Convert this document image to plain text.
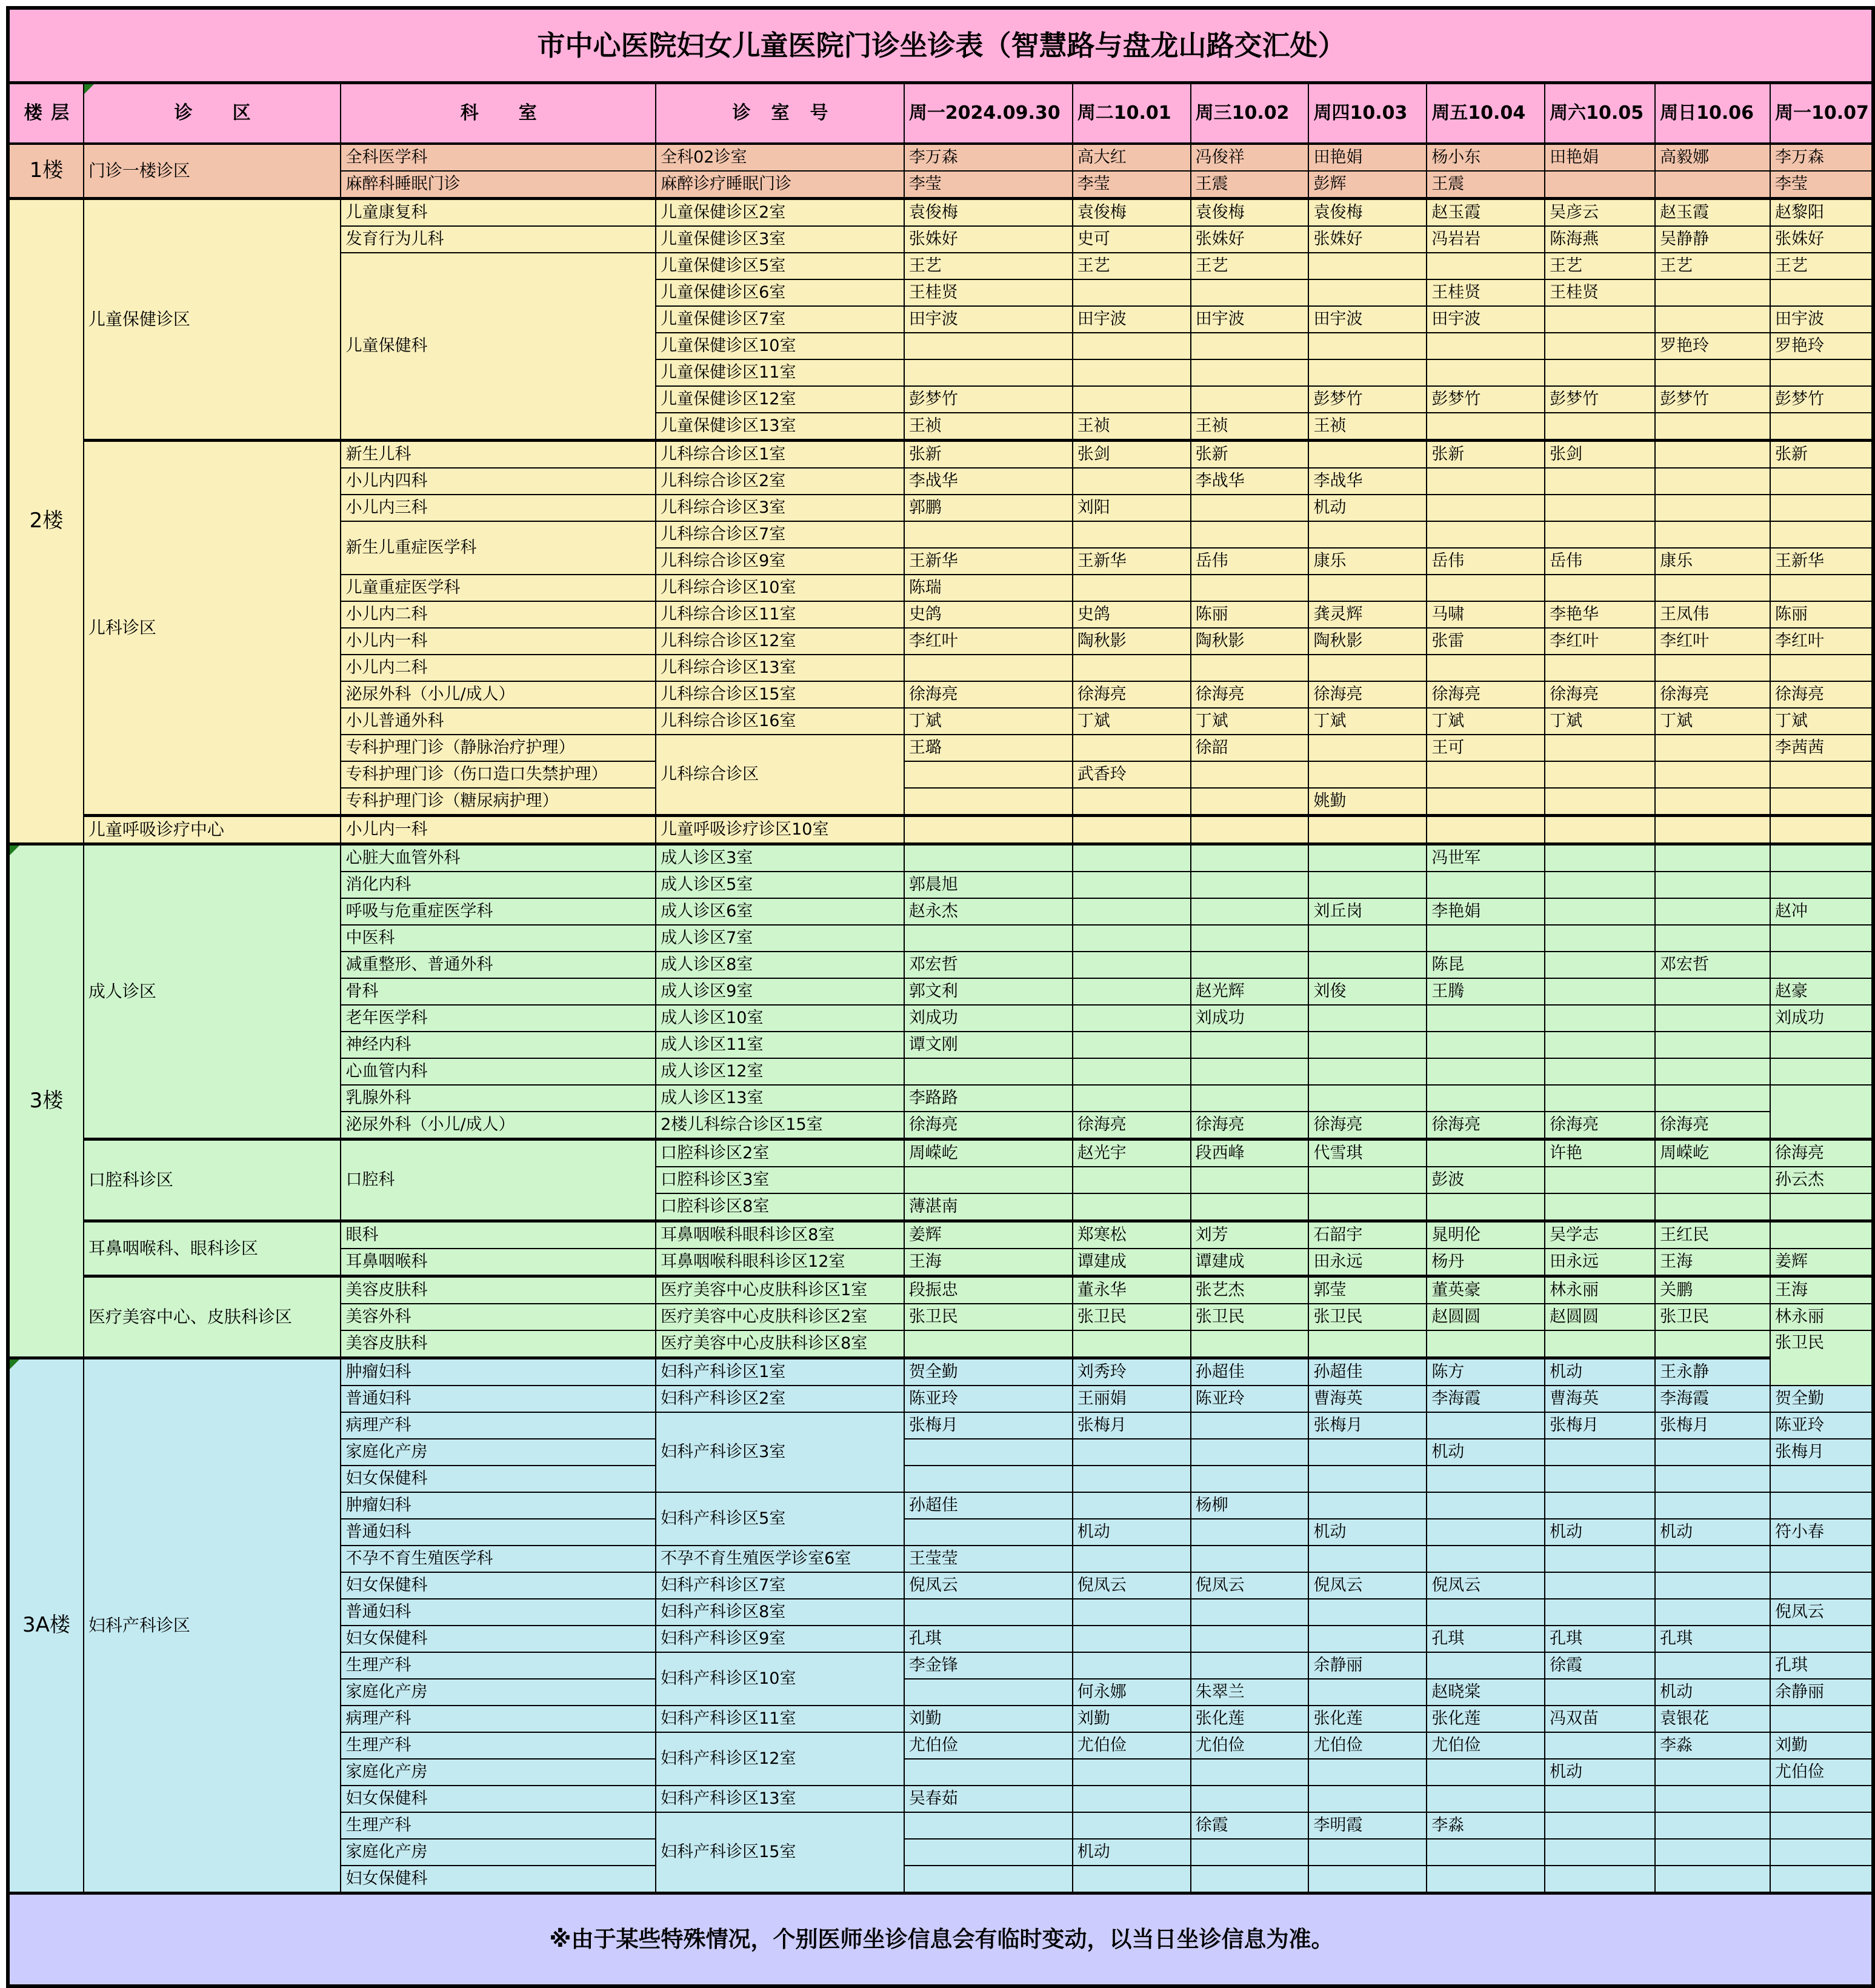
市中心医院妇女儿童医院门诊坐诊表（智慧路与盘龙山路交汇处）											
楼 层	诊　　区	科　　室	诊　室　号	周一2024.09.30	周二10.01	周三10.02	周四10.03	周五10.04	周六10.05	周日10.06	周一10.07
1楼	门诊一楼诊区	全科医学科	全科02诊室	李万森	高大红	冯俊祥	田艳娟	杨小东	田艳娟	高毅娜	李万森
		麻醉科睡眠门诊	麻醉诊疗睡眠门诊	李莹	李莹	王震	彭辉	王震			李莹
2楼	儿童保健诊区	儿童康复科	儿童保健诊区2室	袁俊梅	袁俊梅	袁俊梅	袁俊梅	赵玉霞	吴彦云	赵玉霞	赵黎阳
		发育行为儿科	儿童保健诊区3室	张姝好	史可	张姝好	张姝好	冯岩岩	陈海燕	吴静静	张姝好
		儿童保健科	儿童保健诊区5室	王艺	王艺	王艺			王艺	王艺	王艺
			儿童保健诊区6室	王桂贤				王桂贤	王桂贤		
			儿童保健诊区7室	田宇波	田宇波	田宇波	田宇波	田宇波			田宇波
			儿童保健诊区10室							罗艳玲	罗艳玲
			儿童保健诊区11室								
			儿童保健诊区12室	彭梦竹			彭梦竹	彭梦竹	彭梦竹	彭梦竹	彭梦竹
			儿童保健诊区13室	王祯	王祯	王祯	王祯				
	儿科诊区	新生儿科	儿科综合诊区1室	张新	张剑	张新		张新	张剑		张新
		小儿内四科	儿科综合诊区2室	李战华		李战华	李战华				
		小儿内三科	儿科综合诊区3室	郭鹏	刘阳		机动				
		新生儿重症医学科	儿科综合诊区7室								
			儿科综合诊区9室	王新华	王新华	岳伟	康乐	岳伟	岳伟	康乐	王新华
		儿童重症医学科	儿科综合诊区10室	陈瑞							
		小儿内二科	儿科综合诊区11室	史鸽	史鸽	陈丽	龚灵辉	马啸	李艳华	王凤伟	陈丽
		小儿内一科	儿科综合诊区12室	李红叶	陶秋影	陶秋影	陶秋影	张雷	李红叶	李红叶	李红叶
		小儿内二科	儿科综合诊区13室								
		泌尿外科（小儿/成人）	儿科综合诊区15室	徐海亮	徐海亮	徐海亮	徐海亮	徐海亮	徐海亮	徐海亮	徐海亮
		小儿普通外科	儿科综合诊区16室	丁斌	丁斌	丁斌	丁斌	丁斌	丁斌	丁斌	丁斌
		专科护理门诊（静脉治疗护理）	儿科综合诊区	王璐		徐韶		王可			李茜茜
		专科护理门诊（伤口造口失禁护理）			武香玲						
		专科护理门诊（糖尿病护理）					姚勤				
	儿童呼吸诊疗中心	小儿内一科	儿童呼吸诊疗诊区10室								
3楼	成人诊区	心脏大血管外科	成人诊区3室					冯世军			
		消化内科	成人诊区5室	郭晨旭							
		呼吸与危重症医学科	成人诊区6室	赵永杰			刘丘岗	李艳娟			赵冲
		中医科	成人诊区7室								
		减重整形、普通外科	成人诊区8室	邓宏哲				陈昆		邓宏哲	
		骨科	成人诊区9室	郭文利		赵光辉	刘俊	王腾			赵豪
		老年医学科	成人诊区10室	刘成功		刘成功					刘成功
		神经内科	成人诊区11室	谭文刚							
		心血管内科	成人诊区12室								
		乳腺外科	成人诊区13室	李路路							
		泌尿外科（小儿/成人）	2楼儿科综合诊区15室	徐海亮	徐海亮	徐海亮	徐海亮	徐海亮	徐海亮	徐海亮	
	口腔科诊区	口腔科	口腔科诊区2室	周嵘屹	赵光宇	段西峰	代雪琪		许艳	周嵘屹	徐海亮
			口腔科诊区3室					彭波			孙云杰
			口腔科诊区8室	薄湛南							
	耳鼻咽喉科、眼科诊区	眼科	耳鼻咽喉科眼科诊区8室	姜辉	郑寒松	刘芳	石韶宇	晁明伦	吴学志	王红民	
		耳鼻咽喉科	耳鼻咽喉科眼科诊区12室	王海	谭建成	谭建成	田永远	杨丹	田永远	王海	姜辉
	医疗美容中心、皮肤科诊区	美容皮肤科	医疗美容中心皮肤科诊区1室	段振忠	董永华	张艺杰	郭莹	董英豪	林永丽	关鹏	王海
		美容外科	医疗美容中心皮肤科诊区2室	张卫民	张卫民	张卫民	张卫民	赵圆圆	赵圆圆	张卫民	林永丽
		美容皮肤科	医疗美容中心皮肤科诊区8室								张卫民
3A楼	妇科产科诊区	肿瘤妇科	妇科产科诊区1室	贺全勤	刘秀玲	孙超佳	孙超佳	陈方	机动	王永静	
		普通妇科	妇科产科诊区2室	陈亚玲	王丽娟	陈亚玲	曹海英	李海霞	曹海英	李海霞	贺全勤
		病理产科	妇科产科诊区3室	张梅月	张梅月		张梅月		张梅月	张梅月	陈亚玲
		家庭化产房						机动			张梅月
		妇女保健科									
		肿瘤妇科	妇科产科诊区5室	孙超佳		杨柳					
		普通妇科			机动		机动		机动	机动	符小春
		不孕不育生殖医学科	不孕不育生殖医学诊室6室	王莹莹							
		妇女保健科	妇科产科诊区7室	倪凤云	倪凤云	倪凤云	倪凤云	倪凤云			
		普通妇科	妇科产科诊区8室								倪凤云
		妇女保健科	妇科产科诊区9室	孔琪				孔琪	孔琪	孔琪	
		生理产科	妇科产科诊区10室	李金锋			余静丽		徐霞		孔琪
		家庭化产房			何永娜	朱翠兰		赵晓棠		机动	余静丽
		病理产科	妇科产科诊区11室	刘勤	刘勤	张化莲	张化莲	张化莲	冯双苗	袁银花	
		生理产科	妇科产科诊区12室	尤伯俭	尤伯俭	尤伯俭	尤伯俭	尤伯俭		李淼	刘勤
		家庭化产房							机动		尤伯俭
		妇女保健科	妇科产科诊区13室	吴春茹							
		生理产科	妇科产科诊区15室			徐霞	李明霞	李淼			
		家庭化产房			机动						
		妇女保健科									
※由于某些特殊情况，个别医师坐诊信息会有临时变动，以当日坐诊信息为准。											
